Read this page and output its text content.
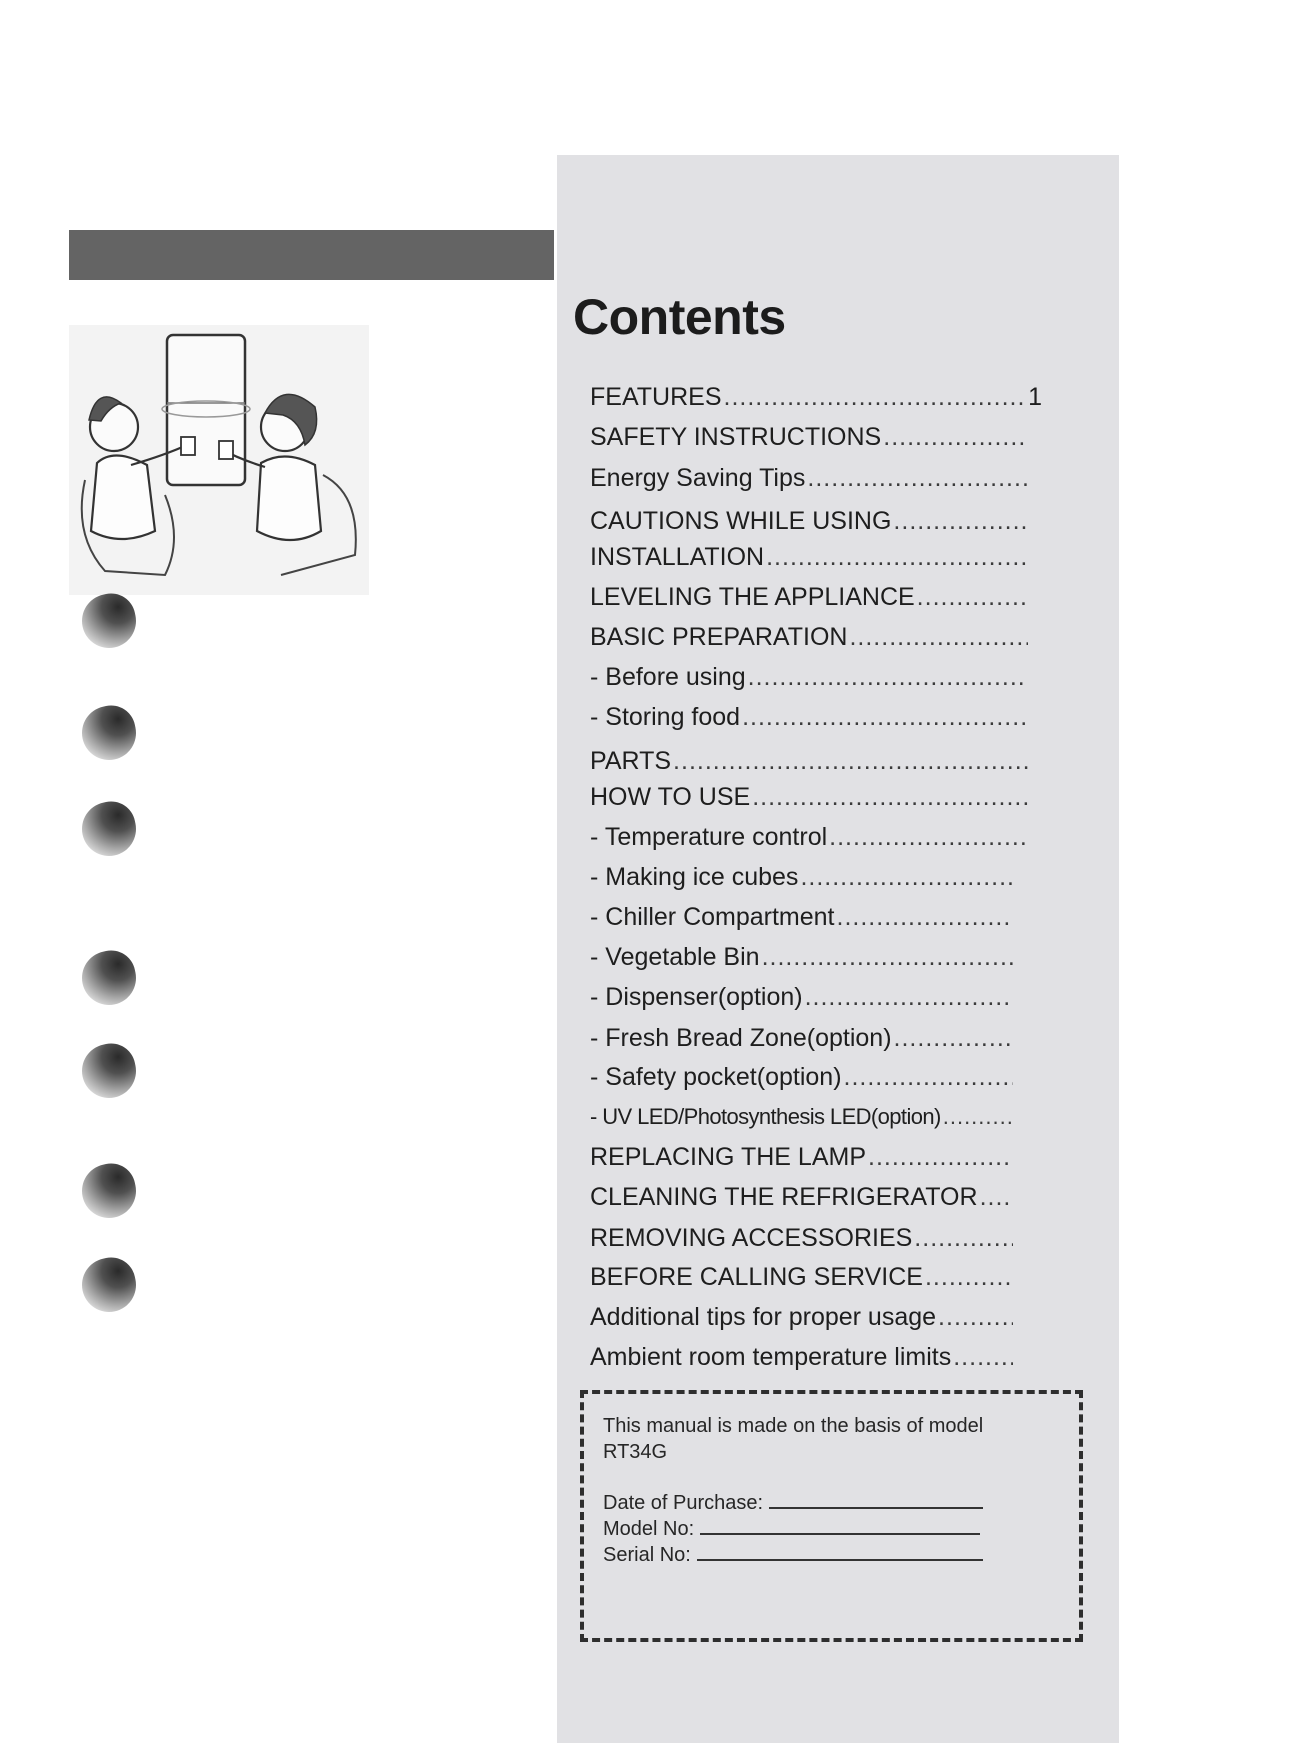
Contents
FEATURES
.....	1
SAFETY INSTRUCTIONS
.....
Energy Saving Tips
.....
CAUTIONS WHILE USING
.....
INSTALLATION
.....
LEVELING THE APPLIANCE
.....
BASIC PREPARATION
.....
- Before using
.....
- Storing food
.....
PARTS
.....
HOW TO USE
.....
- Temperature control
.....
- Making ice cubes
.....
- Chiller Compartment
.....
- Vegetable Bin
.....
- Dispenser(option)
.....
- Fresh Bread Zone(option)
.....
- Safety pocket(option)
.....
- UV LED/Photosynthesis LED(option)
.....
REPLACING THE LAMP
.....
CLEANING THE REFRIGERATOR
.....
REMOVING ACCESSORIES
.....
BEFORE CALLING SERVICE
.....
Additional tips for proper usage
.....
Ambient room temperature limits
.....
This manual is made on the basis of model
RT34G
Date of Purchase:
Model No:
Serial No:
